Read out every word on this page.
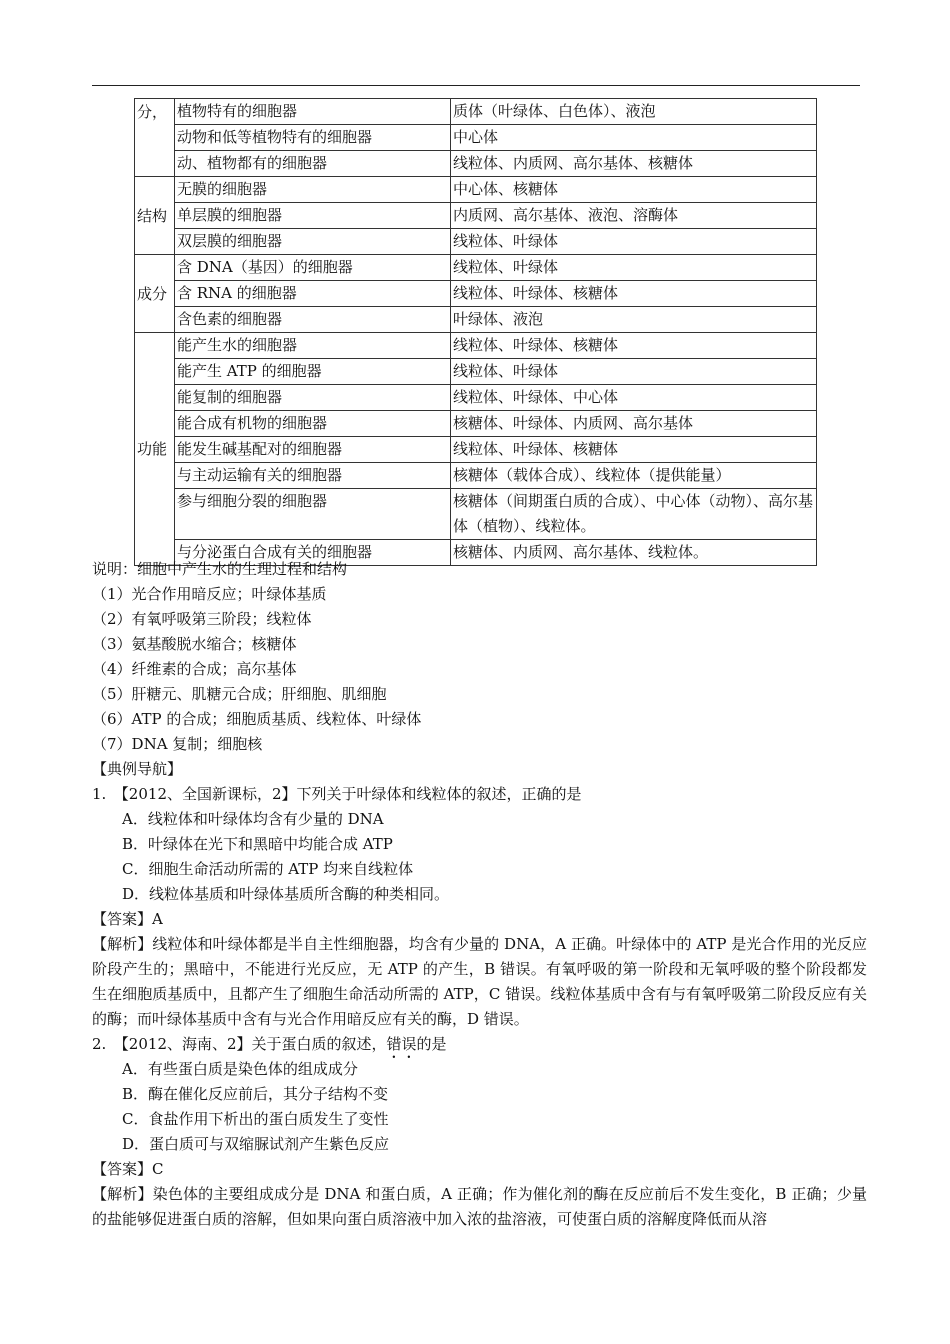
分，	植物特有的细胞器	质体（叶绿体、白色体）、液泡
	动物和低等植物特有的细胞器	中心体
	动、植物都有的细胞器	线粒体、内质网、高尔基体、核糖体
结构	无膜的细胞器	中心体、核糖体
	单层膜的细胞器	内质网、高尔基体、液泡、溶酶体
	双层膜的细胞器	线粒体、叶绿体
成分	含 DNA（基因）的细胞器	线粒体、叶绿体
	含 RNA 的细胞器	线粒体、叶绿体、核糖体
	含色素的细胞器	叶绿体、液泡
功能	能产生水的细胞器	线粒体、叶绿体、核糖体
	能产生 ATP 的细胞器	线粒体、叶绿体
	能复制的细胞器	线粒体、叶绿体、中心体
	能合成有机物的细胞器	核糖体、叶绿体、内质网、高尔基体
	能发生碱基配对的细胞器	线粒体、叶绿体、核糖体
	与主动运输有关的细胞器	核糖体（载体合成）、线粒体（提供能量）
	参与细胞分裂的细胞器	核糖体（间期蛋白质的合成）、中心体（动物）、高尔基体（植物）、线粒体。
	与分泌蛋白合成有关的细胞器	核糖体、内质网、高尔基体、线粒体。
说明：细胞中产生水的生理过程和结构
（1）光合作用暗反应；叶绿体基质
（2）有氧呼吸第三阶段；线粒体
（3）氨基酸脱水缩合；核糖体
（4）纤维素的合成；高尔基体
（5）肝糖元、肌糖元合成；肝细胞、肌细胞
（6）ATP 的合成；细胞质基质、线粒体、叶绿体
（7）DNA 复制；细胞核
【典例导航】
1.　【2012、全国新课标，2】下列关于叶绿体和线粒体的叙述，正确的是
A．线粒体和叶绿体均含有少量的 DNA
B．叶绿体在光下和黑暗中均能合成 ATP
C．细胞生命活动所需的 ATP 均来自线粒体
D．线粒体基质和叶绿体基质所含酶的种类相同。
【答案】A
【解析】线粒体和叶绿体都是半自主性细胞器，均含有少量的 DNA，A 正确。叶绿体中的 ATP 是光合作用的光反应阶段产生的；黑暗中，不能进行光反应，无 ATP 的产生，B 错误。有氧呼吸的第一阶段和无氧呼吸的整个阶段都发生在细胞质基质中，且都产生了细胞生命活动所需的 ATP，C 错误。线粒体基质中含有与有氧呼吸第二阶段反应有关的酶；而叶绿体基质中含有与光合作用暗反应有关的酶，D 错误。
2.　【2012、海南、2】关于蛋白质的叙述，错误的是
A．有些蛋白质是染色体的组成成分
B．酶在催化反应前后，其分子结构不变
C．食盐作用下析出的蛋白质发生了变性
D．蛋白质可与双缩脲试剂产生紫色反应
【答案】C
【解析】染色体的主要组成成分是 DNA 和蛋白质，A 正确；作为催化剂的酶在反应前后不发生变化，B 正确；少量的盐能够促进蛋白质的溶解，但如果向蛋白质溶液中加入浓的盐溶液，可使蛋白质的溶解度降低而从溶
